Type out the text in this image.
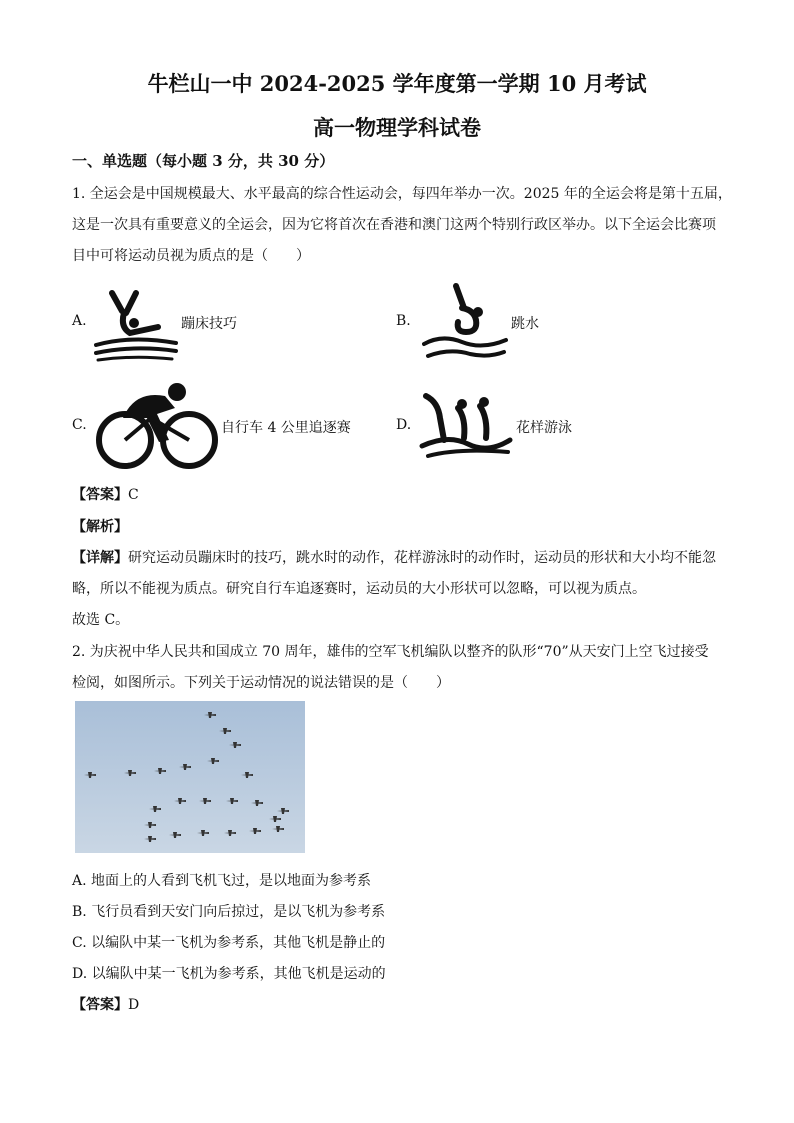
牛栏山一中 2024-2025 学年度第一学期 10 月考试
高一物理学科试卷
一、单选题（每小题 3 分，共 30 分）
1. 全运会是中国规模最大、水平最高的综合性运动会，每四年举办一次。2025 年的全运会将是第十五届，
这是一次具有重要意义的全运会，因为它将首次在香港和澳门这两个特别行政区举办。以下全运会比赛项
目中可将运动员视为质点的是（　　）
A.	蹦床技巧	B.	跳水
C.	自行车 4 公里追逐赛	D.	花样游泳
【答案】C
【解析】
【详解】研究运动员蹦床时的技巧，跳水时的动作，花样游泳时的动作时，运动员的形状和大小均不能忽
略，所以不能视为质点。研究自行车追逐赛时，运动员的大小形状可以忽略，可以视为质点。
故选 C。
2. 为庆祝中华人民共和国成立 70 周年，雄伟的空军飞机编队以整齐的队形“70”从天安门上空飞过接受
检阅，如图所示。下列关于运动情况的说法错误的是（　　）
A. 地面上的人看到飞机飞过，是以地面为参考系
B. 飞行员看到天安门向后掠过，是以飞机为参考系
C. 以编队中某一飞机为参考系，其他飞机是静止的
D. 以编队中某一飞机为参考系，其他飞机是运动的
【答案】D
